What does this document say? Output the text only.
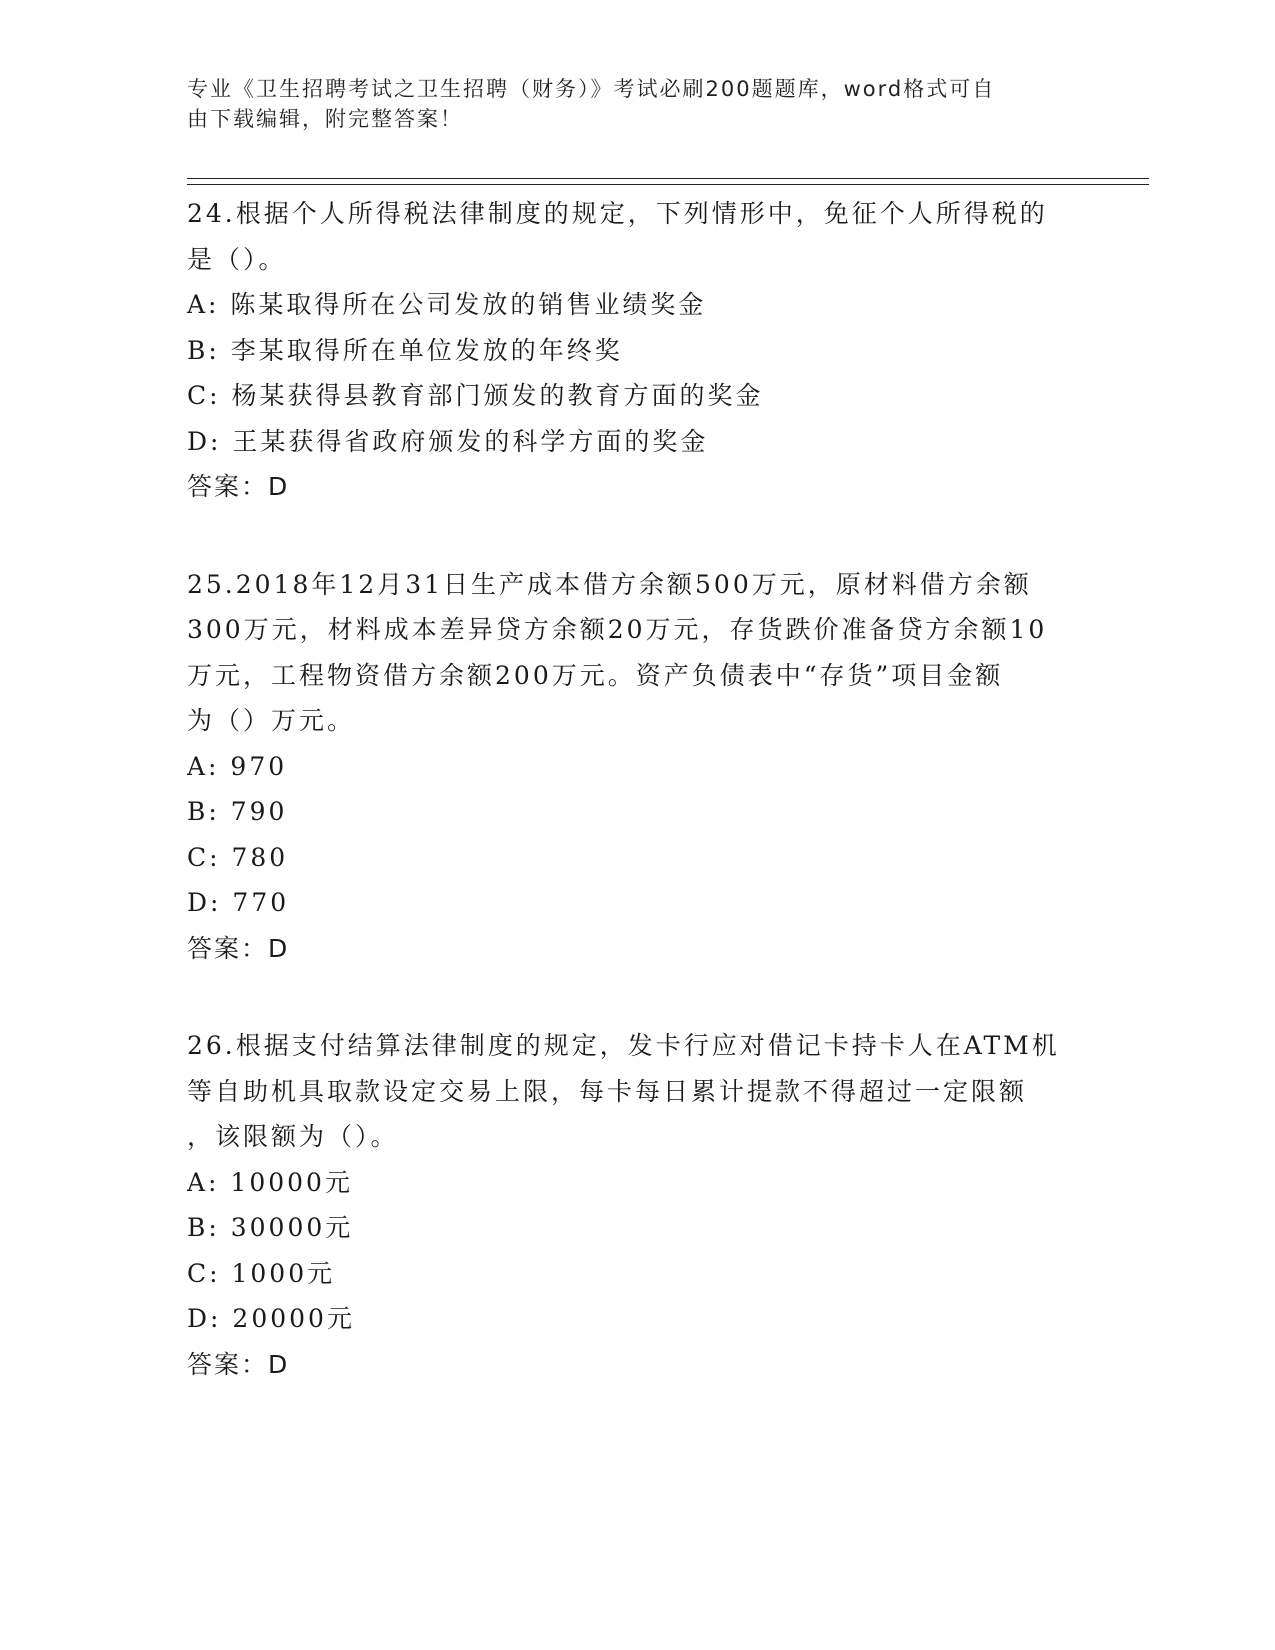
专业《卫生招聘考试之卫生招聘（财务）》考试必刷200题题库，word格式可自
由下载编辑，附完整答案！
24.根据个人所得税法律制度的规定，下列情形中，免征个人所得税的
是（）。
A: 陈某取得所在公司发放的销售业绩奖金
B: 李某取得所在单位发放的年终奖
C: 杨某获得县教育部门颁发的教育方面的奖金
D: 王某获得省政府颁发的科学方面的奖金
答案：D
25.2018年12月31日生产成本借方余额500万元，原材料借方余额
300万元，材料成本差异贷方余额20万元，存货跌价准备贷方余额10
万元，工程物资借方余额200万元。资产负债表中“存货”项目金额
为（）万元。
A: 970
B: 790
C: 780
D: 770
答案：D
26.根据支付结算法律制度的规定，发卡行应对借记卡持卡人在ATM机
等自助机具取款设定交易上限，每卡每日累计提款不得超过一定限额
，该限额为（）。
A: 10000元
B: 30000元
C: 1000元
D: 20000元
答案：D
